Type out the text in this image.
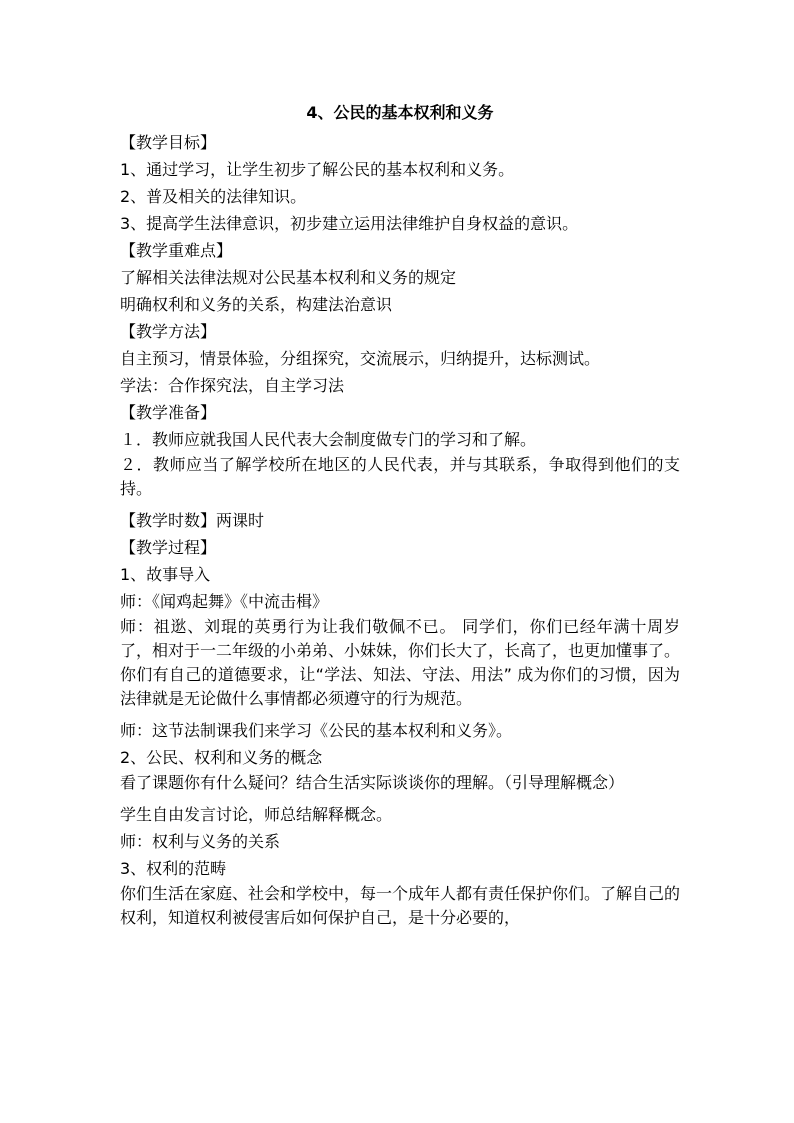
4、公民的基本权利和义务
【教学目标】
1、通过学习，让学生初步了解公民的基本权利和义务。
2、普及相关的法律知识。
3、提高学生法律意识，初步建立运用法律维护自身权益的意识。
【教学重难点】
了解相关法律法规对公民基本权利和义务的规定
明确权利和义务的关系，构建法治意识
【教学方法】
自主预习，情景体验，分组探究，交流展示，归纳提升，达标测试。
学法：合作探究法，自主学习法
【教学准备】
１．教师应就我国人民代表大会制度做专门的学习和了解。
２．教师应当了解学校所在地区的人民代表，并与其联系，争取得到他们的支持。
【教学时数】两课时
【教学过程】
1、故事导入
师：《闻鸡起舞》《中流击楫》
师：祖逖、刘琨的英勇行为让我们敬佩不已。 同学们，你们已经年满十周岁了，相对于一二年级的小弟弟、小妹妹，你们长大了，长高了，也更加懂事了。你们有自己的道德要求，让“学法、知法、守法、用法” 成为你们的习惯，因为法律就是无论做什么事情都必须遵守的行为规范。
师：这节法制课我们来学习《公民的基本权利和义务》。
2、公民、权利和义务的概念
看了课题你有什么疑问？结合生活实际谈谈你的理解。（引导理解概念）
学生自由发言讨论，师总结解释概念。
师：权利与义务的关系
3、权利的范畴
你们生活在家庭、社会和学校中，每一个成年人都有责任保护你们。了解自己的权利，知道权利被侵害后如何保护自己，是十分必要的，
